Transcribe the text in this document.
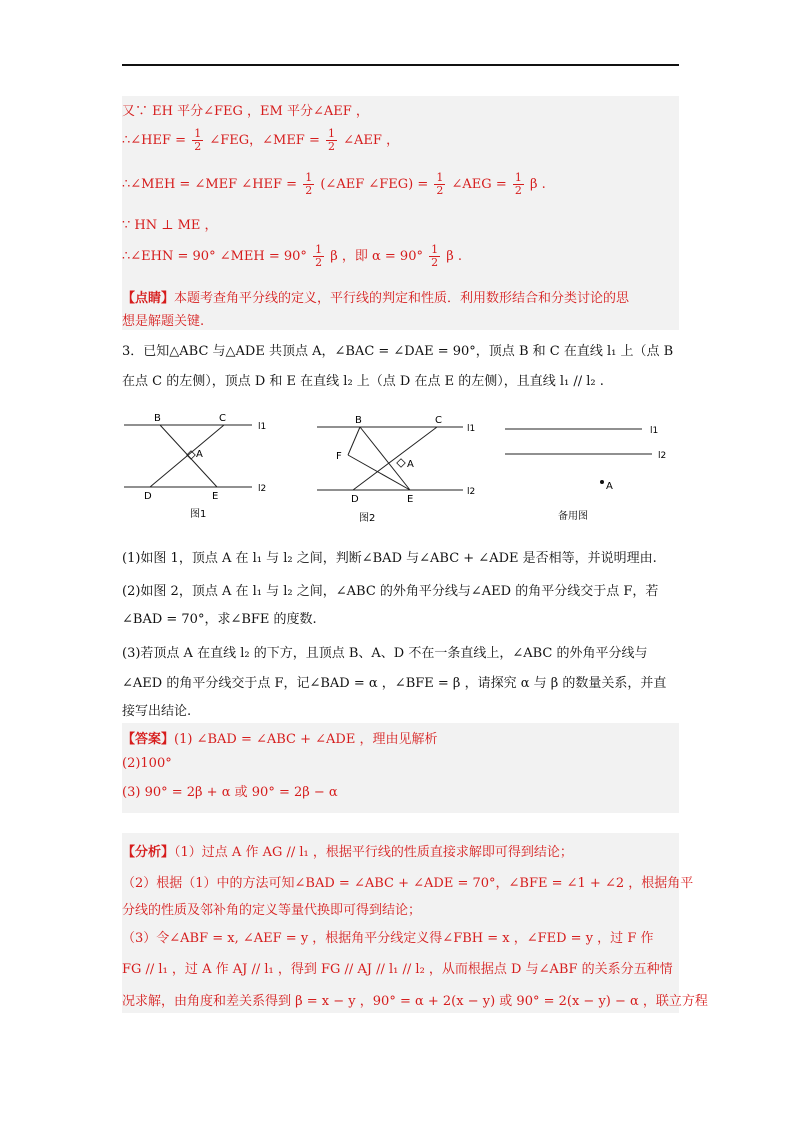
又∵ EH 平分∠FEG ，EM 平分∠AEF ，
∴∠HEF = $\frac{1}{2}$ ∠FEG，∠MEF = $\frac{1}{2}$ ∠AEF ，
∴∠MEH = ∠MEF ∠HEF = $\frac{1}{2}$ (∠AEF ∠FEG) = $\frac{1}{2}$ ∠AEG = $\frac{1}{2}$ β .
∵ HN ⊥ ME ，
∴∠EHN = 90° ∠MEH = $90^\circ \frac{1}{2}$ β ，即 $\alpha = 90^\circ \frac{1}{2}$ β .
【点睛】本题考查角平分线的定义，平行线的判定和性质．利用数形结合和分类讨论的思
想是解题关键.
3．已知△ABC 与△ADE 共顶点 A，∠BAC = ∠DAE = 90°，顶点 B 和 C 在直线 l₁ 上（点 B
在点 C 的左侧），顶点 D 和 E 在直线 l₂ 上（点 D 在点 E 的左侧），且直线 l₁ // l₂ .
B	C
A
D	E
l1
l2
图1
B	C
A
F
D	E
l1
l2
图2
A
l1
l2
备用图
(1)如图 1，顶点 A 在 l₁ 与 l₂ 之间，判断∠BAD 与∠ABC + ∠ADE 是否相等，并说明理由.
(2)如图 2，顶点 A 在 l₁ 与 l₂ 之间，∠ABC 的外角平分线与∠AED 的角平分线交于点 F，若
∠BAD = 70°，求∠BFE 的度数.
(3)若顶点 A 在直线 l₂ 的下方，且顶点 B、A、D 不在一条直线上，∠ABC 的外角平分线与
∠AED 的角平分线交于点 F，记∠BAD = α ，∠BFE = β ，请探究 α 与 β 的数量关系，并直
接写出结论.
【答案】(1) ∠BAD = ∠ABC + ∠ADE ，理由见解析
(2)100°
(3) 90° = 2β + α 或 90° = 2β − α
【分析】（1）过点 A 作 AG // l₁ ，根据平行线的性质直接求解即可得到结论；
（2）根据（1）中的方法可知∠BAD = ∠ABC + ∠ADE = 70°，∠BFE = ∠1 + ∠2 ，根据角平
分线的性质及邻补角的定义等量代换即可得到结论；
（3）令∠ABF = x, ∠AEF = y ，根据角平分线定义得∠FBH = x ，∠FED = y ，过 F 作
FG // l₁ ，过 A 作 AJ // l₁ ，得到 FG // AJ // l₁ // l₂ ，从而根据点 D 与∠ABF 的关系分五种情
况求解，由角度和差关系得到 β = x − y ，90° = α + 2(x − y) 或 90° = 2(x − y) − α ，联立方程
